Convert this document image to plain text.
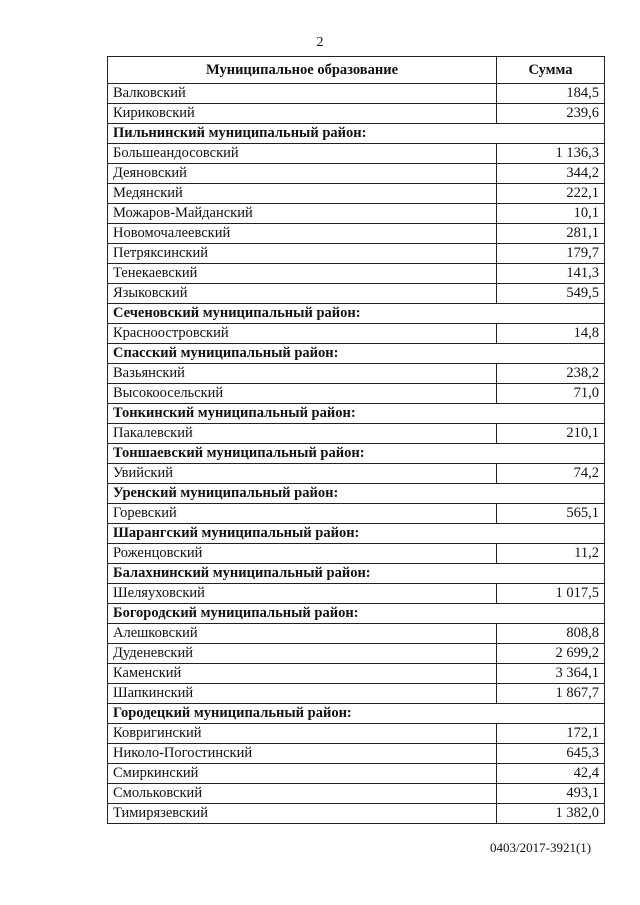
2
Муниципальное образование	Сумма
Валковский	184,5
Кириковский	239,6
Пильнинский муниципальный район:	
Большеандосовский	1 136,3
Деяновский	344,2
Медянский	222,1
Можаров-Майданский	10,1
Новомочалеевский	281,1
Петряксинский	179,7
Тенекаевский	141,3
Языковский	549,5
Сеченовский муниципальный район:	
Красноостровский	14,8
Спасский муниципальный район:	
Вазьянский	238,2
Высокоосельский	71,0
Тонкинский муниципальный район:	
Пакалевский	210,1
Тоншаевский муниципальный район:	
Увийский	74,2
Уренский муниципальный район:	
Горевский	565,1
Шарангский муниципальный район:	
Роженцовский	11,2
Балахнинский муниципальный район:	
Шеляуховский	1 017,5
Богородский муниципальный район:	
Алешковский	808,8
Дуденевский	2 699,2
Каменский	3 364,1
Шапкинский	1 867,7
Городецкий муниципальный район:	
Ковригинский	172,1
Николо-Погостинский	645,3
Смиркинский	42,4
Смольковский	493,1
Тимирязевский	1 382,0
0403/2017-3921(1)
